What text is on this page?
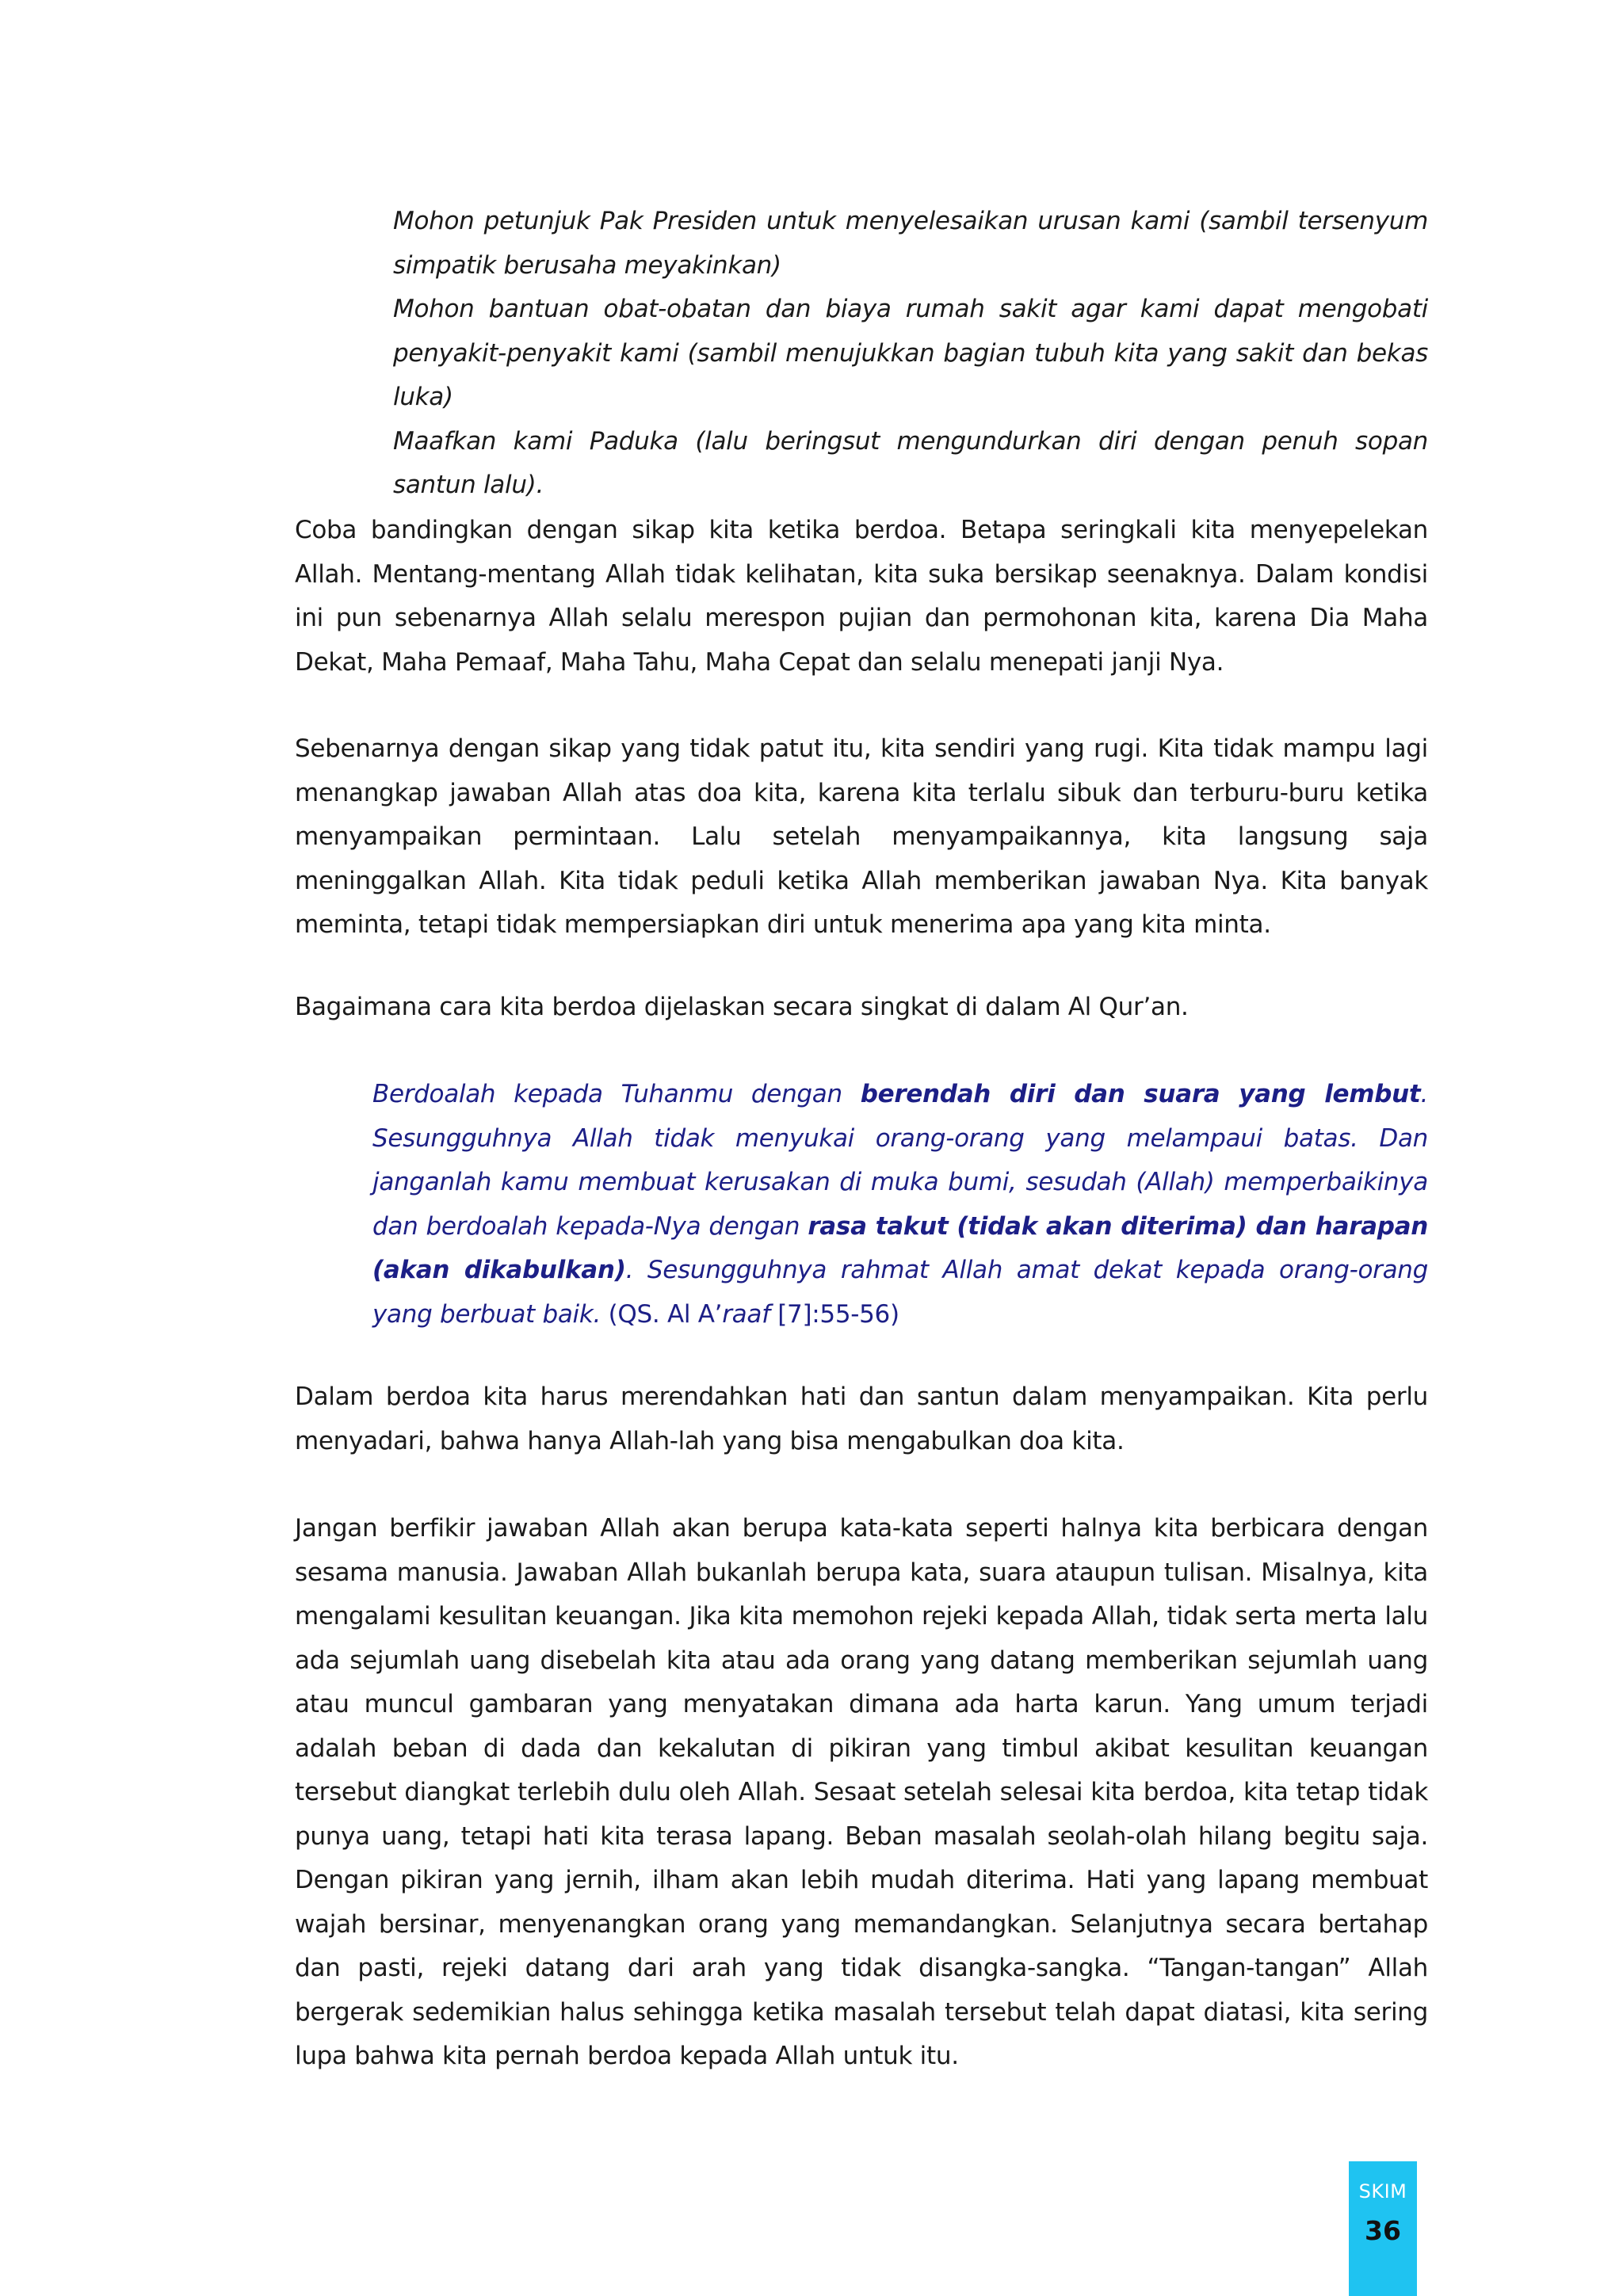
Mohon petunjuk Pak Presiden untuk menyelesaikan urusan kami (sambil tersenyum simpatik berusaha meyakinkan)

Mohon bantuan obat-obatan dan biaya rumah sakit agar kami dapat mengobati penyakit-penyakit kami (sambil menujukkan bagian tubuh kita yang sakit dan bekas luka)

Maafkan kami Paduka (lalu beringsut mengundurkan diri dengan penuh sopan santun lalu).

Coba bandingkan dengan sikap kita ketika berdoa. Betapa seringkali kita menyepelekan Allah. Mentang-mentang Allah tidak kelihatan, kita suka bersikap seenaknya. Dalam kondisi ini pun sebenarnya Allah selalu merespon pujian dan permohonan kita, karena Dia Maha Dekat, Maha Pemaaf, Maha Tahu, Maha Cepat dan selalu menepati janji Nya.

Sebenarnya dengan sikap yang tidak patut itu, kita sendiri yang rugi. Kita tidak mampu lagi menangkap jawaban Allah atas doa kita, karena kita terlalu sibuk dan terburu-buru ketika menyampaikan permintaan. Lalu setelah menyampaikannya, kita langsung saja meninggalkan Allah. Kita tidak peduli ketika Allah memberikan jawaban Nya. Kita banyak meminta, tetapi tidak mempersiapkan diri untuk menerima apa yang kita minta.

Bagaimana cara kita berdoa dijelaskan secara singkat di dalam Al Qur’an.

Berdoalah kepada Tuhanmu dengan berendah diri dan suara yang lembut. Sesungguhnya Allah tidak menyukai orang-orang yang melampaui batas. Dan janganlah kamu membuat kerusakan di muka bumi, sesudah (Allah) memperbaikinya dan berdoalah kepada-Nya dengan rasa takut (tidak akan diterima) dan harapan (akan dikabulkan). Sesungguhnya rahmat Allah amat dekat kepada orang-orang yang berbuat baik. (QS. Al A’raaf [7]:55-56)

Dalam berdoa kita harus merendahkan hati dan santun dalam menyampaikan. Kita perlu menyadari, bahwa hanya Allah-lah yang bisa mengabulkan doa kita.

Jangan berfikir jawaban Allah akan berupa kata-kata seperti halnya kita berbicara dengan sesama manusia. Jawaban Allah bukanlah berupa kata, suara ataupun tulisan. Misalnya, kita mengalami kesulitan keuangan. Jika kita memohon rejeki kepada Allah, tidak serta merta lalu ada sejumlah uang disebelah kita atau ada orang yang datang memberikan sejumlah uang atau muncul gambaran yang menyatakan dimana ada harta karun. Yang umum terjadi adalah beban di dada dan kekalutan di pikiran yang timbul akibat kesulitan keuangan tersebut diangkat terlebih dulu oleh Allah. Sesaat setelah selesai kita berdoa, kita tetap tidak punya uang, tetapi hati kita terasa lapang. Beban masalah seolah-olah hilang begitu saja. Dengan pikiran yang jernih, ilham akan lebih mudah diterima. Hati yang lapang membuat wajah bersinar, menyenangkan orang yang memandangkan. Selanjutnya secara bertahap dan pasti, rejeki datang dari arah yang tidak disangka-sangka. “Tangan-tangan” Allah bergerak sedemikian halus sehingga ketika masalah tersebut telah dapat diatasi, kita sering lupa bahwa kita pernah berdoa kepada Allah untuk itu.

SKIM
36
